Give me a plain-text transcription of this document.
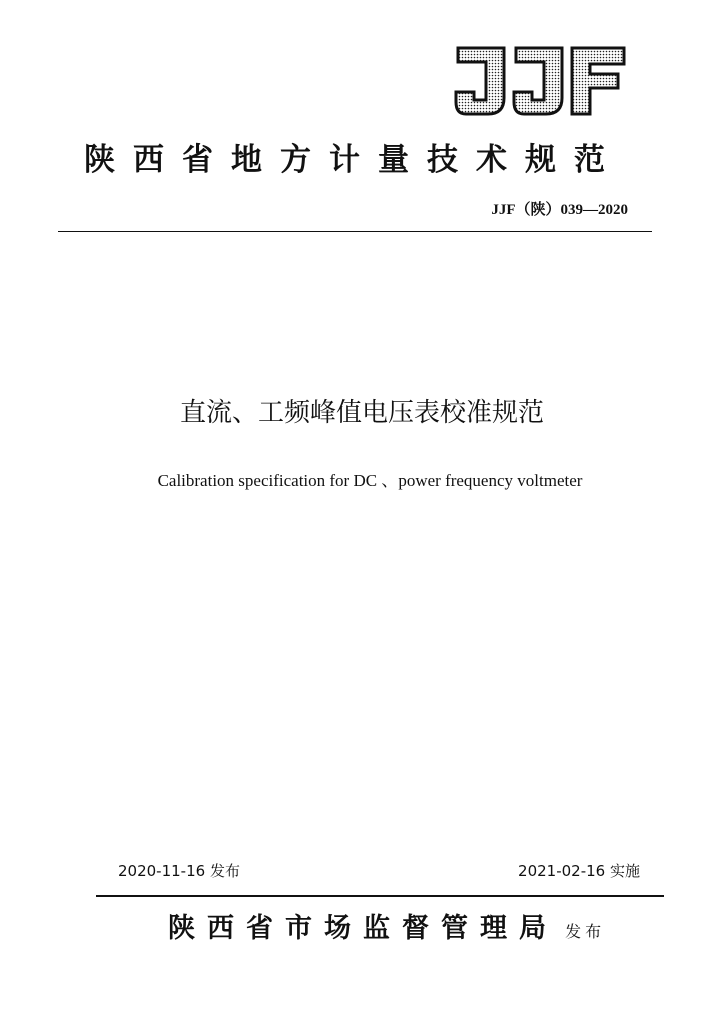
陕西省地方计量技术规范
JJF（陕）039—2020
直流、工频峰值电压表校准规范
Calibration specification for DC 、power frequency voltmeter
2020-11-16 发布	2021-02-16 实施
陕西省市场监督管理局 发布
